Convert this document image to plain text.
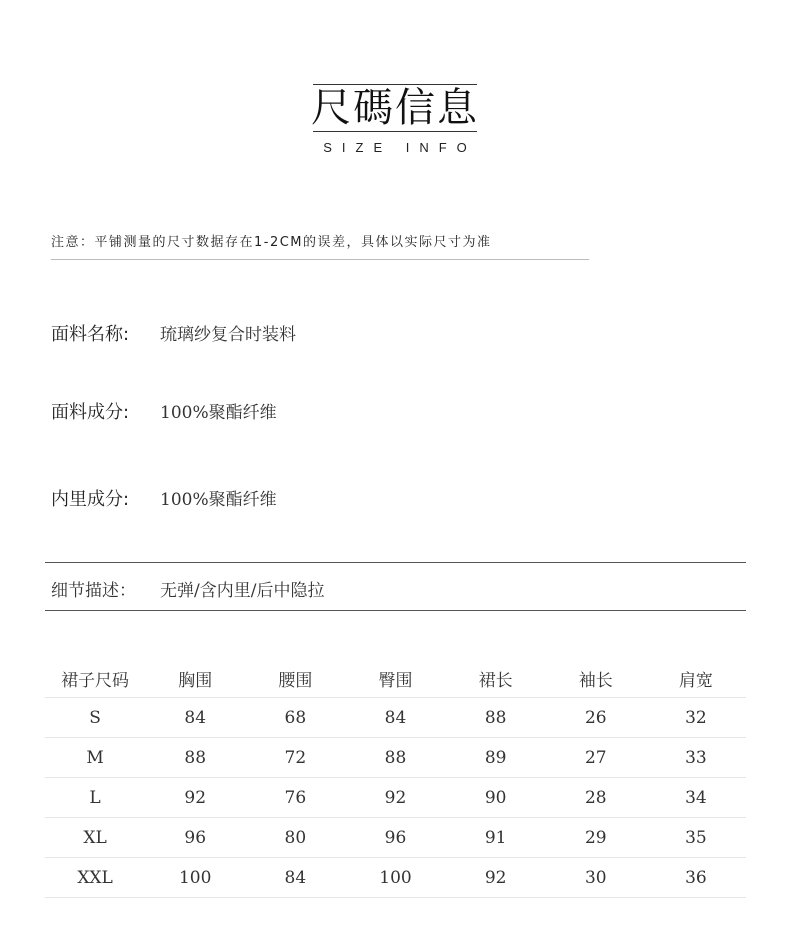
尺碼信息
SIZE INFO
注意：平铺测量的尺寸数据存在1-2CM的误差，具体以实际尺寸为准
面料名称:	琉璃纱复合时装料
面料成分:	100%聚酯纤维
内里成分:	100%聚酯纤维
细节描述：	无弹/含内里/后中隐拉
裙子尺码	胸围	腰围	臀围	裙长	袖长	肩宽
S	84	68	84	88	26	32
M	88	72	88	89	27	33
L	92	76	92	90	28	34
XL	96	80	96	91	29	35
XXL	100	84	100	92	30	36
